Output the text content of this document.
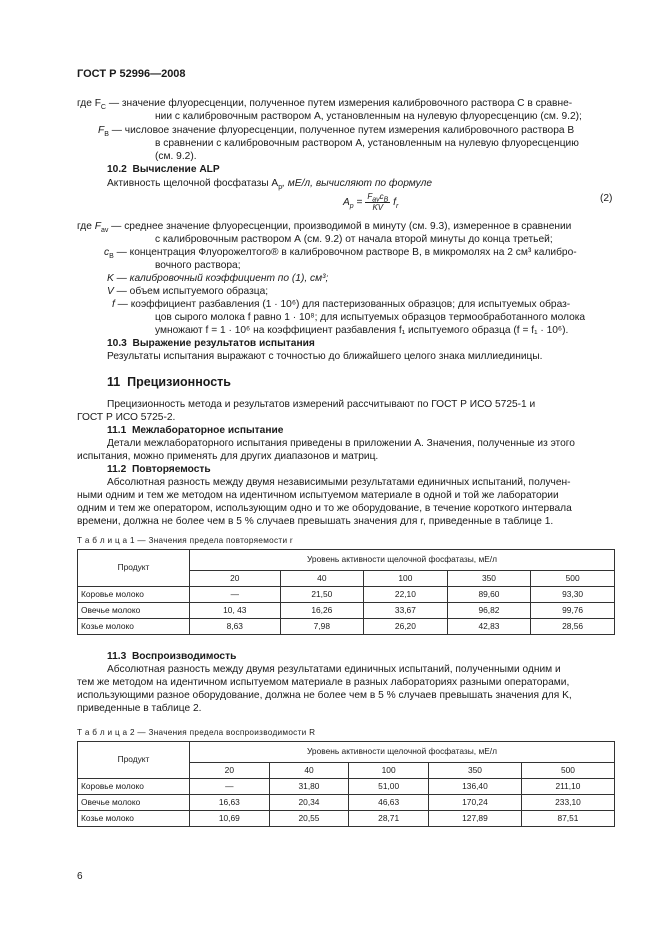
ГОСТ Р 52996—2008
где $F_C$ — значение флуоресценции, полученное путем измерения калибровочного раствора С в сравне-
нии с калибровочным раствором А, установленным на нулевую флуоресценцию (см. 9.2);
$F_B$ — числовое значение флуоресценции, полученное путем измерения калибровочного раствора В
в сравнении с калибровочным раствором А, установленным на нулевую флуоресценцию
(см. 9.2).
10.2 Вычисление ALP
Активность щелочной фосфатазы $A_p$, мЕ/л, вычисляют по формуле
$A_p = \frac{F_{av}c_B}{KV} f_r$
(2)
где $F_{av}$ — среднее значение флуоресценции, производимой в минуту (см. 9.3), измеренное в сравнении
с калибровочным раствором А (см. 9.2) от начала второй минуты до конца третьей;
$c_B$ — концентрация Флуорожелтого® в калибровочном растворе В, в микромолях на 2 см³ калибро-
вочного раствора;
K — калибровочный коэффициент по (1), см³;
V — объем испытуемого образца;
f — коэффициент разбавления (1 · 10⁶) для пастеризованных образцов; для испытуемых образ-
цов сырого молока f равно 1 · 10⁸; для испытуемых образцов термообработанного молока
умножают f = 1 · 10⁶ на коэффициент разбавления f₁ испытуемого образца (f = f₁ · 10⁶).
10.3 Выражение результатов испытания
Результаты испытания выражают с точностью до ближайшего целого знака миллиединицы.
11 Прецизионность
Прецизионность метода и результатов измерений рассчитывают по ГОСТ Р ИСО 5725-1 и
ГОСТ Р ИСО 5725-2.
11.1 Межлабораторное испытание
Детали межлабораторного испытания приведены в приложении А. Значения, полученные из этого
испытания, можно применять для других диапазонов и матриц.
11.2 Повторяемость
Абсолютная разность между двумя независимыми результатами единичных испытаний, получен-
ными одним и тем же методом на идентичном испытуемом материале в одной и той же лаборатории
одним и тем же оператором, использующим одно и то же оборудование, в течение короткого интервала
времени, должна не более чем в 5 % случаев превышать значения для r, приведенные в таблице 1.
Т а б л и ц а 1 — Значения предела повторяемости r
Продукт	Уровень активности щелочной фосфатазы, мЕ/л				
	20	40	100	350	500
Коровье молоко	—	21,50	22,10	89,60	93,30
Овечье молоко	10, 43	16,26	33,67	96,82	99,76
Козье молоко	8,63	7,98	26,20	42,83	28,56
11.3 Воспроизводимость
Абсолютная разность между двумя результатами единичных испытаний, полученными одним и
тем же методом на идентичном испытуемом материале в разных лабораториях разными операторами,
использующими разное оборудование, должна не более чем в 5 % случаев превышать значения для K,
приведенные в таблице 2.
Т а б л и ц а 2 — Значения предела воспроизводимости R
Продукт	Уровень активности щелочной фосфатазы, мЕ/л				
	20	40	100	350	500
Коровье молоко	—	31,80	51,00	136,40	211,10
Овечье молоко	16,63	20,34	46,63	170,24	233,10
Козье молоко	10,69	20,55	28,71	127,89	87,51
6
